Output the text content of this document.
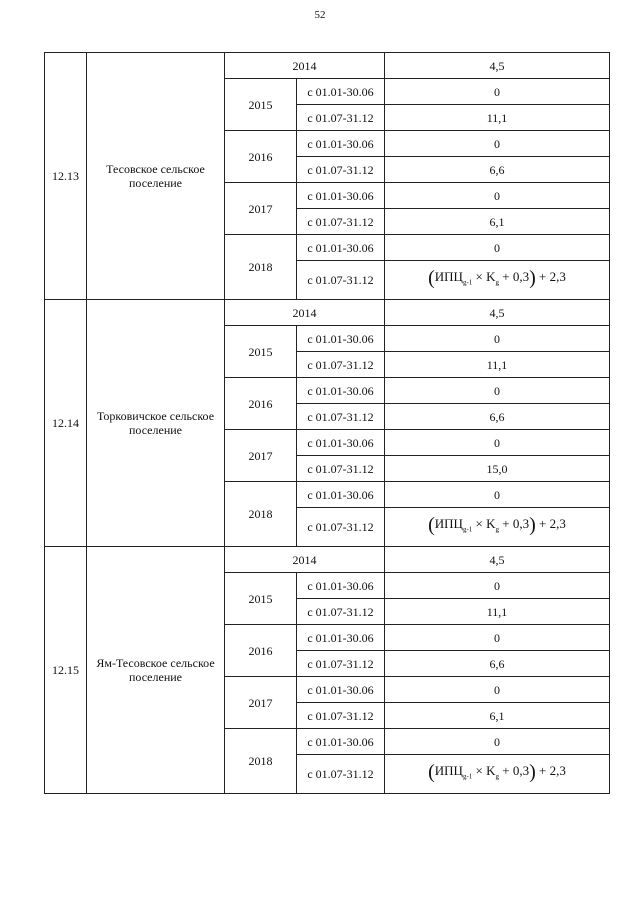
52
12.13	Тесовское сельское поселение	2014		4,5
		2015	с 01.01-30.06	0
			с 01.07-31.12	11,1
		2016	с 01.01-30.06	0
			с 01.07-31.12	6,6
		2017	с 01.01-30.06	0
			с 01.07-31.12	6,1
		2018	с 01.01-30.06	0
			с 01.07-31.12	$(ИПЦ_{g-1} \times K_g + 0,3) + 2,3$
12.14	Торковичское сельское поселение	2014		4,5
		2015	с 01.01-30.06	0
			с 01.07-31.12	11,1
		2016	с 01.01-30.06	0
			с 01.07-31.12	6,6
		2017	с 01.01-30.06	0
			с 01.07-31.12	15,0
		2018	с 01.01-30.06	0
			с 01.07-31.12	$(ИПЦ_{g-1} \times K_g + 0,3) + 2,3$
12.15	Ям-Тесовское сельское поселение	2014		4,5
		2015	с 01.01-30.06	0
			с 01.07-31.12	11,1
		2016	с 01.01-30.06	0
			с 01.07-31.12	6,6
		2017	с 01.01-30.06	0
			с 01.07-31.12	6,1
		2018	с 01.01-30.06	0
			с 01.07-31.12	$(ИПЦ_{g-1} \times K_g + 0,3) + 2,3$
